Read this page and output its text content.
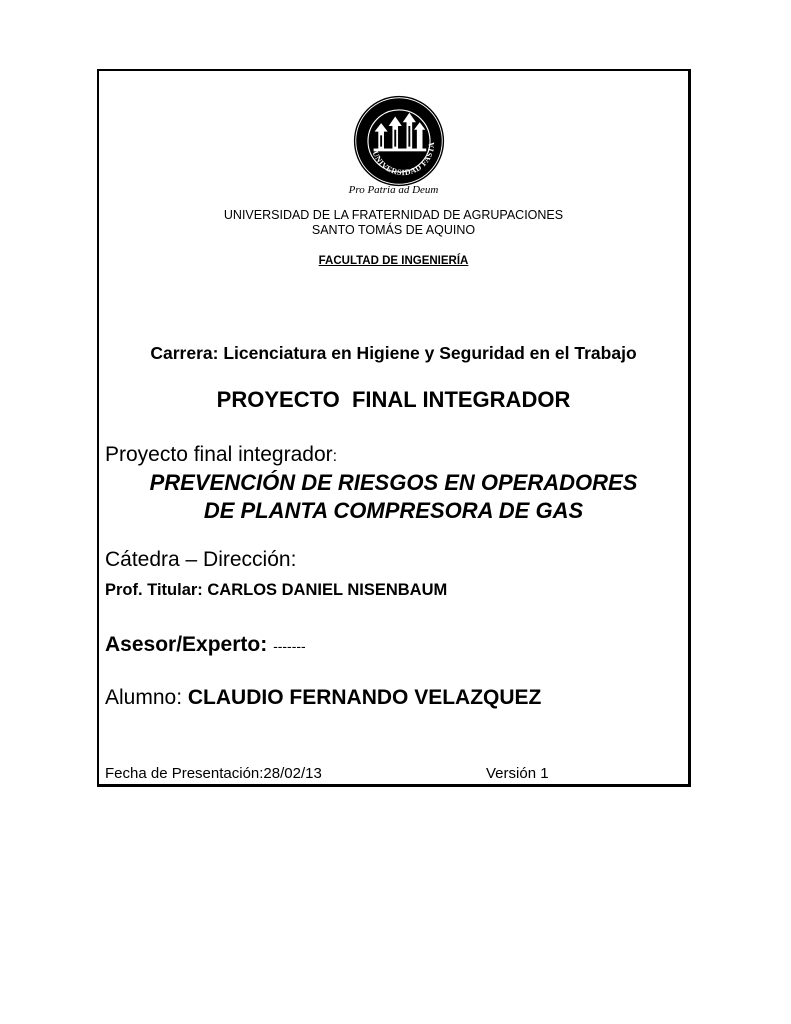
UNIVERSIDAD FASTA
Pro Patria ad Deum
UNIVERSIDAD DE LA FRATERNIDAD DE AGRUPACIONES
SANTO TOMÁS DE AQUINO
FACULTAD DE INGENIERÍA
Carrera: Licenciatura en Higiene y Seguridad en el Trabajo
PROYECTO  FINAL INTEGRADOR
Proyecto final integrador:
PREVENCIÓN DE RIESGOS EN OPERADORES
DE PLANTA COMPRESORA DE GAS
Cátedra – Dirección:
Prof. Titular: CARLOS DANIEL NISENBAUM
Asesor/Experto: -------
Alumno: CLAUDIO FERNANDO VELAZQUEZ
Fecha de Presentación:28/02/13	Versión 1
